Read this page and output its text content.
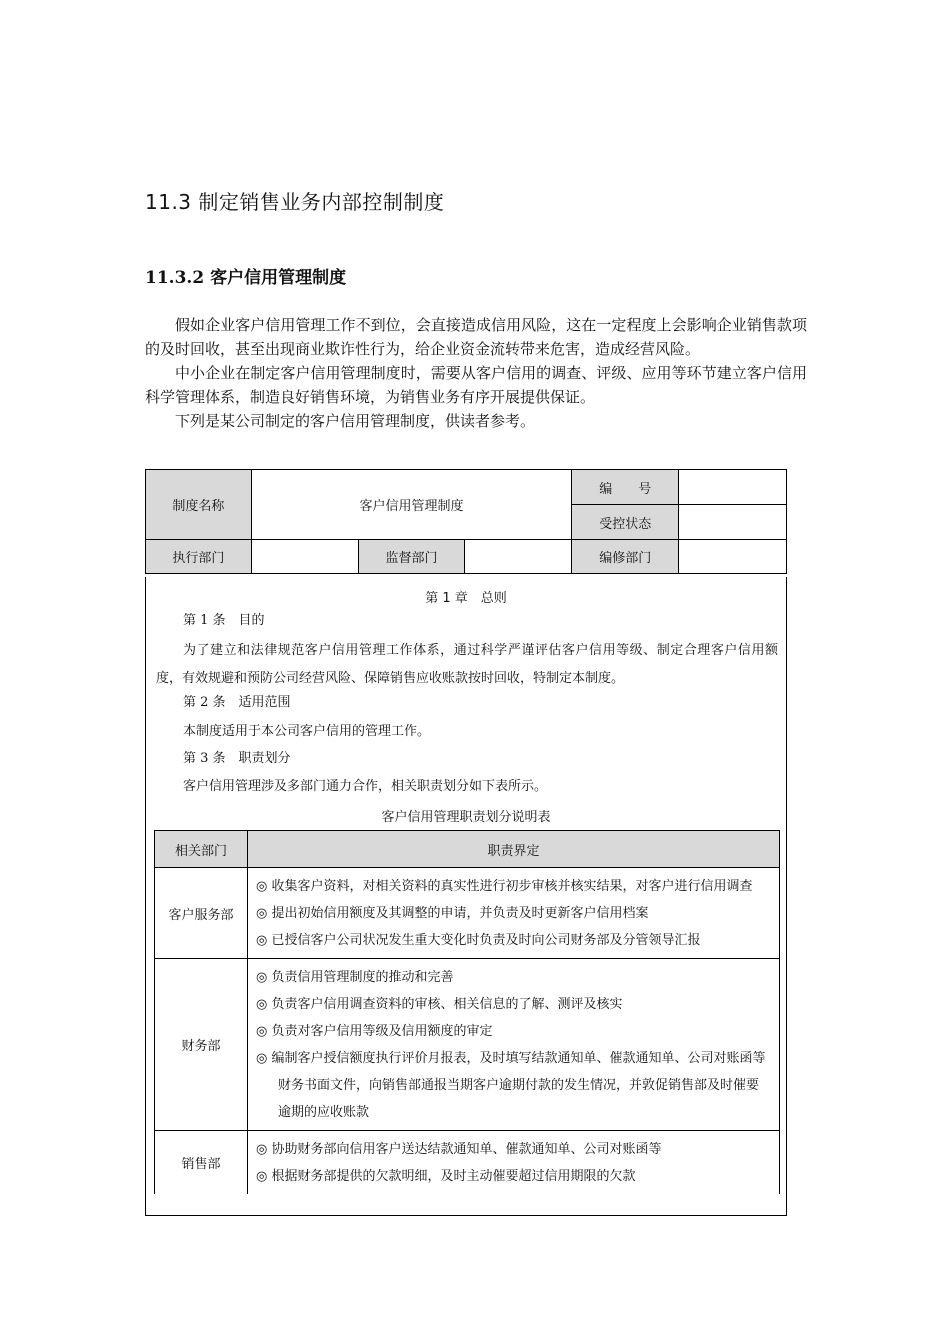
11.3 制定销售业务内部控制制度
11.3.2 客户信用管理制度

假如企业客户信用管理工作不到位，会直接造成信用风险，这在一定程度上会影响企业销售款项的及时回收，甚至出现商业欺诈性行为，给企业资金流转带来危害，造成经营风险。

中小企业在制定客户信用管理制度时，需要从客户信用的调查、评级、应用等环节建立客户信用科学管理体系，制造良好销售环境，为销售业务有序开展提供保证。

下列是某公司制定的客户信用管理制度，供读者参考。

制度名称	客户信用管理制度			编　　号	
				受控状态	
执行部门		监督部门		编修部门	
第 1 章　总则
第 1 条　目的
为了建立和法律规范客户信用管理工作体系，通过科学严谨评估客户信用等级、制定合理客户信用额度，有效规避和预防公司经营风险、保障销售应收账款按时回收，特制定本制度。
第 2 条　适用范围
本制度适用于本公司客户信用的管理工作。
第 3 条　职责划分
客户信用管理涉及多部门通力合作，相关职责划分如下表所示。
客户信用管理职责划分说明表
相关部门	职责界定
客户服务部	◎ 收集客户资料，对相关资料的真实性进行初步审核并核实结果，对客户进行信用调查
◎ 提出初始信用额度及其调整的申请，并负责及时更新客户信用档案
◎ 已授信客户公司状况发生重大变化时负责及时向公司财务部及分管领导汇报

财务部	◎ 负责信用管理制度的推动和完善
◎ 负责客户信用调查资料的审核、相关信息的了解、测评及核实
◎ 负责对客户信用等级及信用额度的审定
◎ 编制客户授信额度执行评价月报表，及时填写结款通知单、催款通知单、公司对账函等财务书面文件，向销售部通报当期客户逾期付款的发生情况，并敦促销售部及时催要逾期的应收账款

销售部	◎ 协助财务部向信用客户送达结款通知单、催款通知单、公司对账函等
◎ 根据财务部提供的欠款明细，及时主动催要超过信用期限的欠款
